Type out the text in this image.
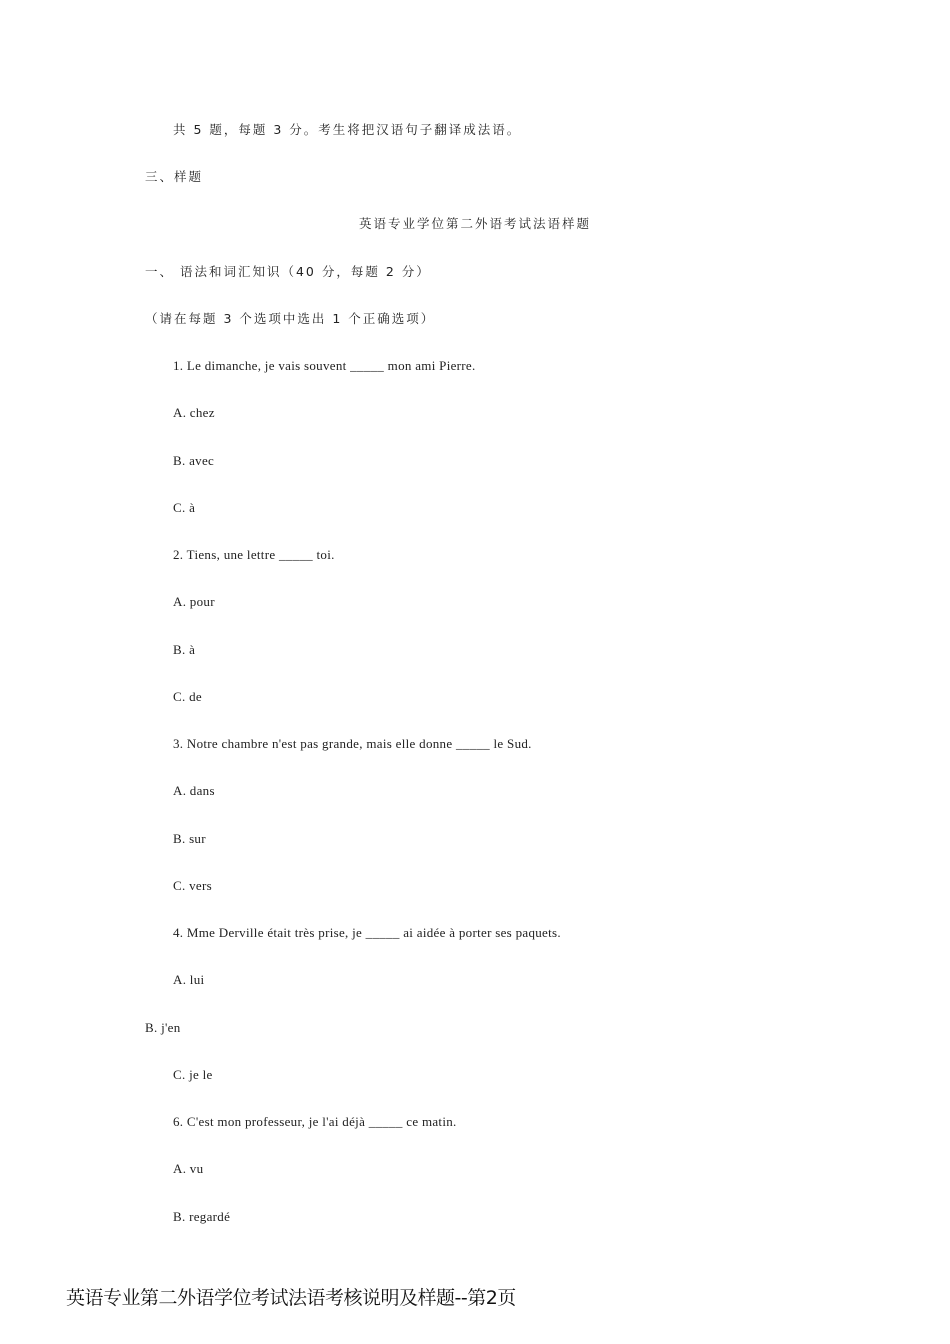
共 5 题，每题 3 分。考生将把汉语句子翻译成法语。
三、样题
英语专业学位第二外语考试法语样题
一、 语法和词汇知识（40 分，每题 2 分）
（请在每题 3 个选项中选出 1 个正确选项）
1. Le dimanche, je vais souvent _____ mon ami Pierre.
A. chez
B. avec
C. à
2. Tiens, une lettre _____ toi.
A. pour
B. à
C. de
3. Notre chambre n'est pas grande, mais elle donne _____ le Sud.
A. dans
B. sur
C. vers
4. Mme Derville était très prise, je _____ ai aidée à porter ses paquets.
A. lui
B. j'en
C. je le
6. C'est mon professeur, je l'ai déjà _____ ce matin.
A. vu
B. regardé
英语专业第二外语学位考试法语考核说明及样题--第2页
